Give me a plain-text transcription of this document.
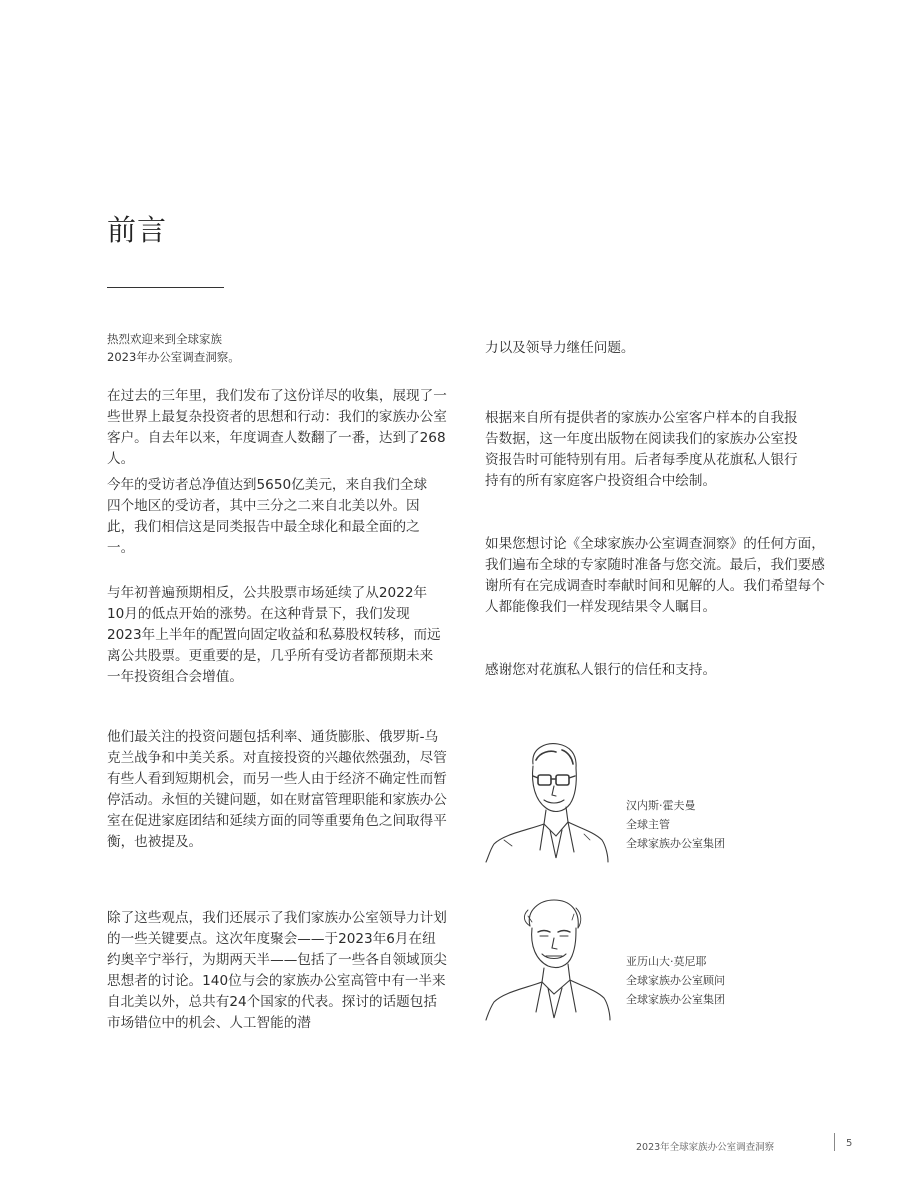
前言
热烈欢迎来到全球家族
2023年办公室调查洞察。

在过去的三年里，我们发布了这份详尽的收集，展现了一些世界上最复杂投资者的思想和行动：我们的家族办公室客户。自去年以来，年度调查人数翻了一番，达到了268人。

今年的受访者总净值达到5650亿美元，来自我们全球四个地区的受访者，其中三分之二来自北美以外。因此，我们相信这是同类报告中最全球化和最全面的之一。

与年初普遍预期相反，公共股票市场延续了从2022年10月的低点开始的涨势。在这种背景下，我们发现2023年上半年的配置向固定收益和私募股权转移，而远离公共股票。更重要的是，几乎所有受访者都预期未来一年投资组合会增值。

他们最关注的投资问题包括利率、通货膨胀、俄罗斯-乌克兰战争和中美关系。对直接投资的兴趣依然强劲，尽管有些人看到短期机会，而另一些人由于经济不确定性而暂停活动。永恒的关键问题，如在财富管理职能和家族办公室在促进家庭团结和延续方面的同等重要角色之间取得平衡，也被提及。

除了这些观点，我们还展示了我们家族办公室领导力计划的一些关键要点。这次年度聚会——于2023年6月在纽约奥辛宁举行，为期两天半——包括了一些各自领域顶尖思想者的讨论。140位与会的家族办公室高管中有一半来自北美以外，总共有24个国家的代表。探讨的话题包括市场错位中的机会、人工智能的潜

力以及领导力继任问题。

根据来自所有提供者的家族办公室客户样本的自我报告数据，这一年度出版物在阅读我们的家族办公室投资报告时可能特别有用。后者每季度从花旗私人银行持有的所有家庭客户投资组合中绘制。

如果您想讨论《全球家族办公室调查洞察》的任何方面，我们遍布全球的专家随时准备与您交流。最后，我们要感谢所有在完成调查时奉献时间和见解的人。我们希望每个人都能像我们一样发现结果令人瞩目。

感谢您对花旗私人银行的信任和支持。

汉内斯·霍夫曼
全球主管
全球家族办公室集团
亚历山大·莫尼耶
全球家族办公室顾问
全球家族办公室集团
2023年全球家族办公室调查洞察	5
